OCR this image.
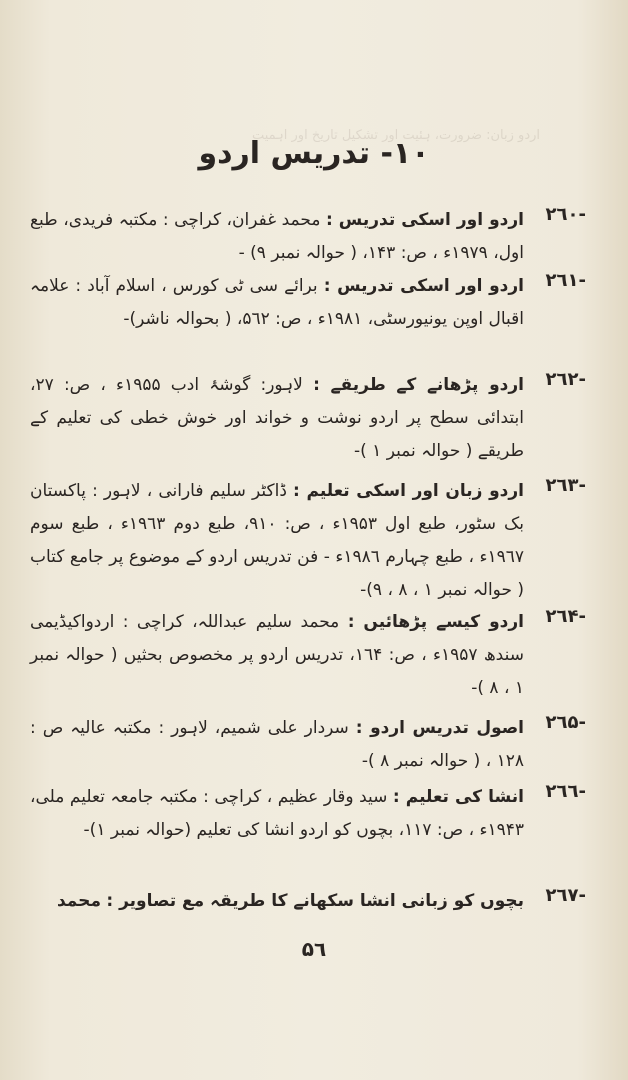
اردو زبان: ضرورت، ہئیت اور تشکیل تاریخ اور اہمیت
۱۰- تدریس اردو
-۲٦۰
اردو اور اسکی تدریس : محمد غفران، کراچی : مکتبہ فریدی، طبع اول، ۱۹۷۹ء ، ص: ۱۴۳، ( حوالہ نمبر ۹) -
-۲٦۱
اردو اور اسکی تدریس : برائے سی ٹی کورس ، اسلام آباد : علامہ اقبال اوپن یونیورسٹی، ۱۹۸۱ء ، ص: ۵٦۲، ( بحوالہ ناشر)-
-۲٦۲
اردو پڑھانے کے طریقے : لاہور: گوشۂ ادب ۱۹۵۵ء ، ص: ۲۷، ابتدائی سطح پر اردو نوشت و خواند اور خوش خطی کی تعلیم کے طریقے ( حوالہ نمبر ۱ )-
-۲٦۳
اردو زبان اور اسکی تعلیم : ڈاکٹر سلیم فارانی ، لاہور : پاکستان بک سٹور، طبع اول ۱۹۵۳ء ، ص: ۹۱۰، طبع دوم ۱۹٦۳ء ، طبع سوم ۱۹٦۷ء ، طبع چہارم ۱۹۸٦ء - فن تدریس اردو کے موضوع پر جامع کتاب ( حوالہ نمبر ۱ ، ۸ ، ۹)-
-۲٦۴
اردو کیسے پڑھائیں : محمد سلیم عبداللہ، کراچی : اردواکیڈیمی سندھ ۱۹۵۷ء ، ص: ۱٦۴، تدریس اردو پر مخصوص بحثیں ( حوالہ نمبر ۱ ، ۸ )-
-۲٦۵
اصول تدریس اردو : سردار علی شمیم، لاہور : مکتبہ عالیہ ص : ۱۲۸ ، ( حوالہ نمبر ۸ )-
-۲٦٦
انشا کی تعلیم : سید وقار عظیم ، کراچی : مکتبہ جامعہ تعلیم ملی، ۱۹۴۳ء ، ص: ۱۱۷، بچوں کو اردو انشا کی تعلیم (حوالہ نمبر ۱)-
-۲٦۷
بچوں کو زبانی انشا سکھانے کا طریقہ مع تصاویر : محمد
۵٦
